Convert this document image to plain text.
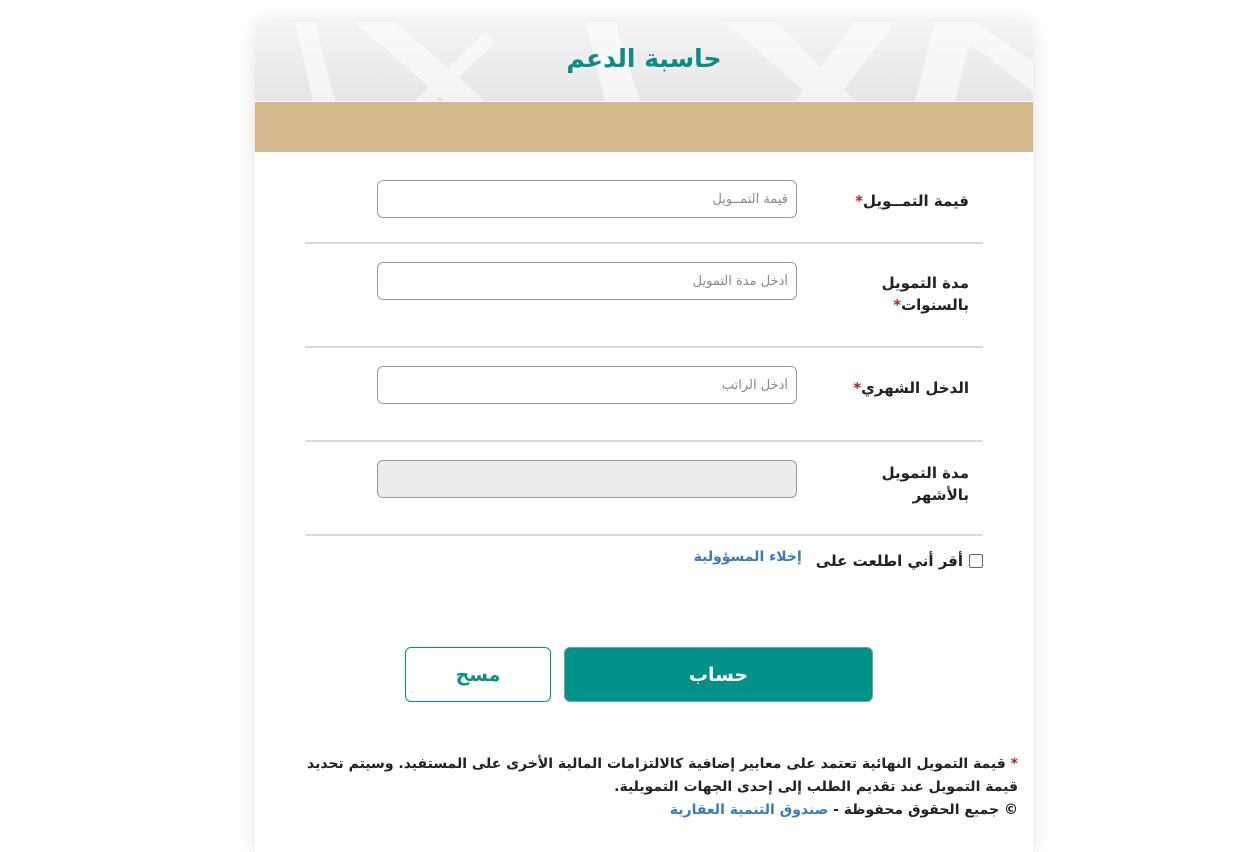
حاسبة الدعم
قيمة التمــويل*
قيمة التمــويل
مدة التمويل
بالسنوات*
أدخل مدة التمويل
الدخل الشهري*
أدخل الراتب
مدة التمويل
بالأشهر
أقر أني اطلعت على
إخلاء المسؤولية
حساب
مسح
* قيمة التمويل النهائية تعتمد على معايير إضافية كالالتزامات المالية الأخرى على المستفيد. وسيتم تحديد قيمة التمويل عند تقديم الطلب إلى إحدى الجهات التمويلية.
© جميع الحقوق محفوظة - صندوق التنمية العقارية
